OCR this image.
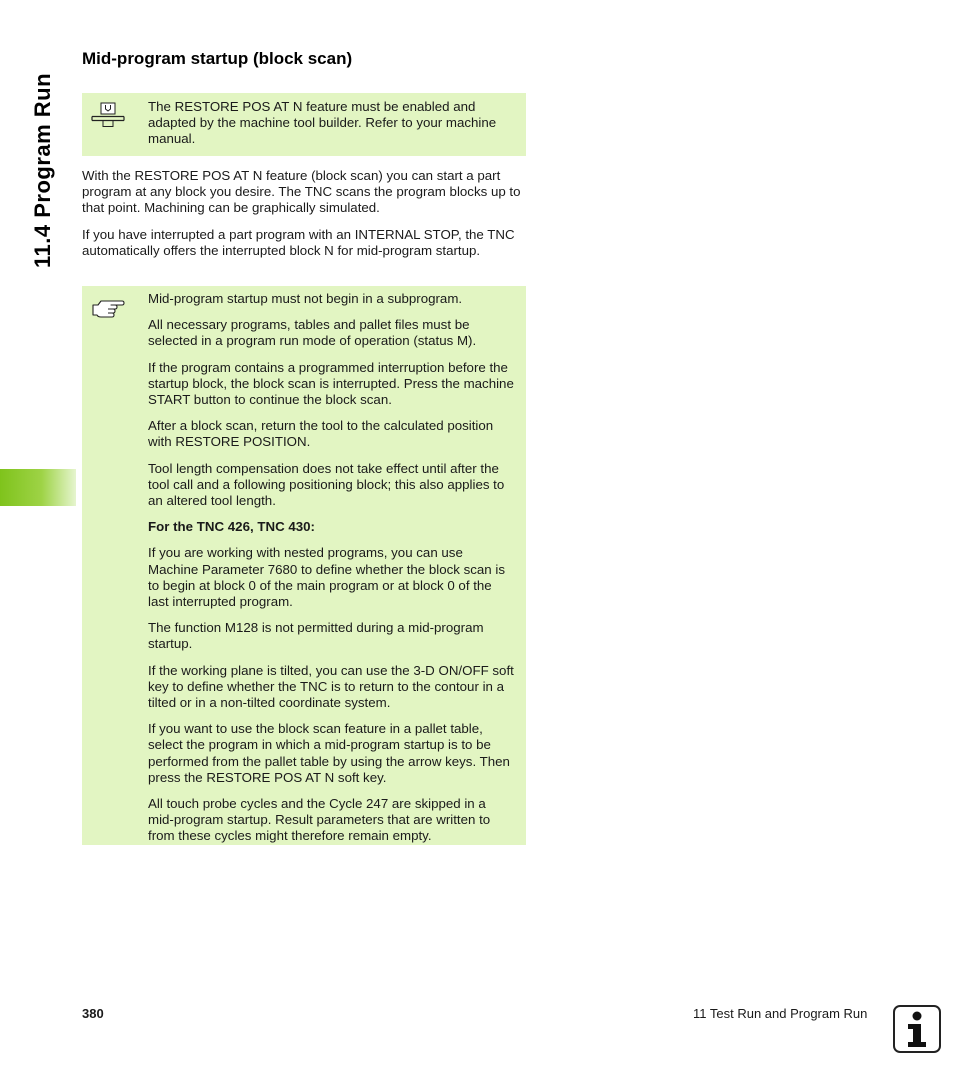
11.4 Program Run
Mid-program startup (block scan)

The RESTORE POS AT N feature must be enabled and adapted by the machine tool builder. Refer to your machine manual.

With the RESTORE POS AT N feature (block scan) you can start a part program at any block you desire. The TNC scans the program blocks up to that point. Machining can be graphically simulated.

If you have interrupted a part program with an INTERNAL STOP, the TNC automatically offers the interrupted block N for mid-program startup.

Mid-program startup must not begin in a subprogram.

All necessary programs, tables and pallet files must be selected in a program run mode of operation (status M).

If the program contains a programmed interruption before the startup block, the block scan is interrupted. Press the machine START button to continue the block scan.

After a block scan, return the tool to the calculated position with RESTORE POSITION.

Tool length compensation does not take effect until after the tool call and a following positioning block; this also applies to an altered tool length.

For the TNC 426, TNC 430:

If you are working with nested programs, you can use Machine Parameter 7680 to define whether the block scan is to begin at block 0 of the main program or at block 0 of the last interrupted program.

The function M128 is not permitted during a mid-program startup.

If the working plane is tilted, you can use the 3-D ON/OFF soft key to define whether the TNC is to return to the contour in a tilted or in a non-tilted coordinate system.

If you want to use the block scan feature in a pallet table, select the program in which a mid-program startup is to be performed from the pallet table by using the arrow keys. Then press the RESTORE POS AT N soft key.

All touch probe cycles and the Cycle 247 are skipped in a mid-program startup. Result parameters that are written to from these cycles might therefore remain empty.

380	11 Test Run and Program Run
